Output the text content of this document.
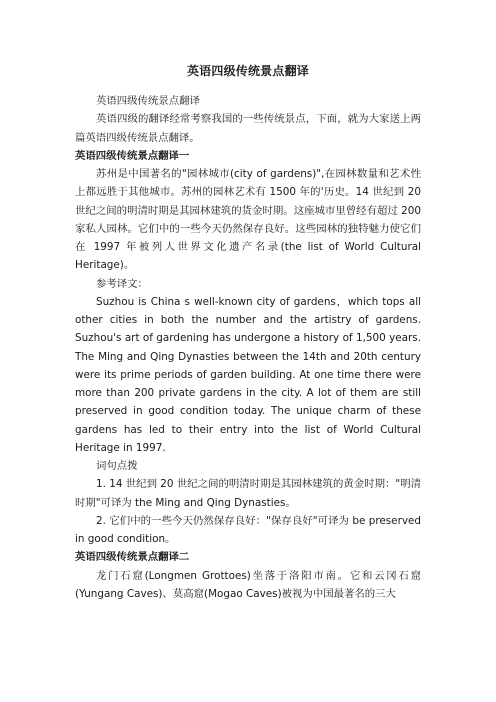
英语四级传统景点翻译

英语四级传统景点翻译

英语四级的翻译经常考察我国的一些传统景点，下面，就为大家送上两篇英语四级传统景点翻译。

英语四级传统景点翻译一

苏州是中国著名的"园林城市(city of gardens)",在园林数量和艺术性上都远胜于其他城市。苏州的园林艺术有 1500 年的'历史。14 世纪到 20 世纪之间的明清时期是其园林建筑的货金时期。这座城市里曾经有超过 200 家私人园林。它们中的一些今天仍然保存良好。这些园林的独特魅力使它们在 1997 年被列人世界文化遗产名录(the list of World Cultural Heritage)。

参考译文：

Suzhou is China s well-known city of gardens，which tops all other cities in both the number and the artistry of gardens. Suzhou's art of gardening has undergone a history of 1,500 years. The Ming and Qing Dynasties between the 14th and 20th century were its prime periods of garden building. At one time there were more than 200 private gardens in the city. A lot of them are still preserved in good condition today. The unique charm of these gardens has led to their entry into the list of World Cultural Heritage in 1997.

词句点拨

1. 14 世纪到 20 世纪之间的明清时期是其园林建筑的黄金时期："明清时期"可译为 the Ming and Qing Dynasties。

2. 它们中的一些今天仍然保存良好："保存良好"可译为 be preserved in good condition。

英语四级传统景点翻译二

龙门石窟(Longmen Grottoes)坐落于洛阳市南。它和云冈石窟(Yungang Caves)、莫高窟(Mogao Caves)被视为中国最著名的三大
